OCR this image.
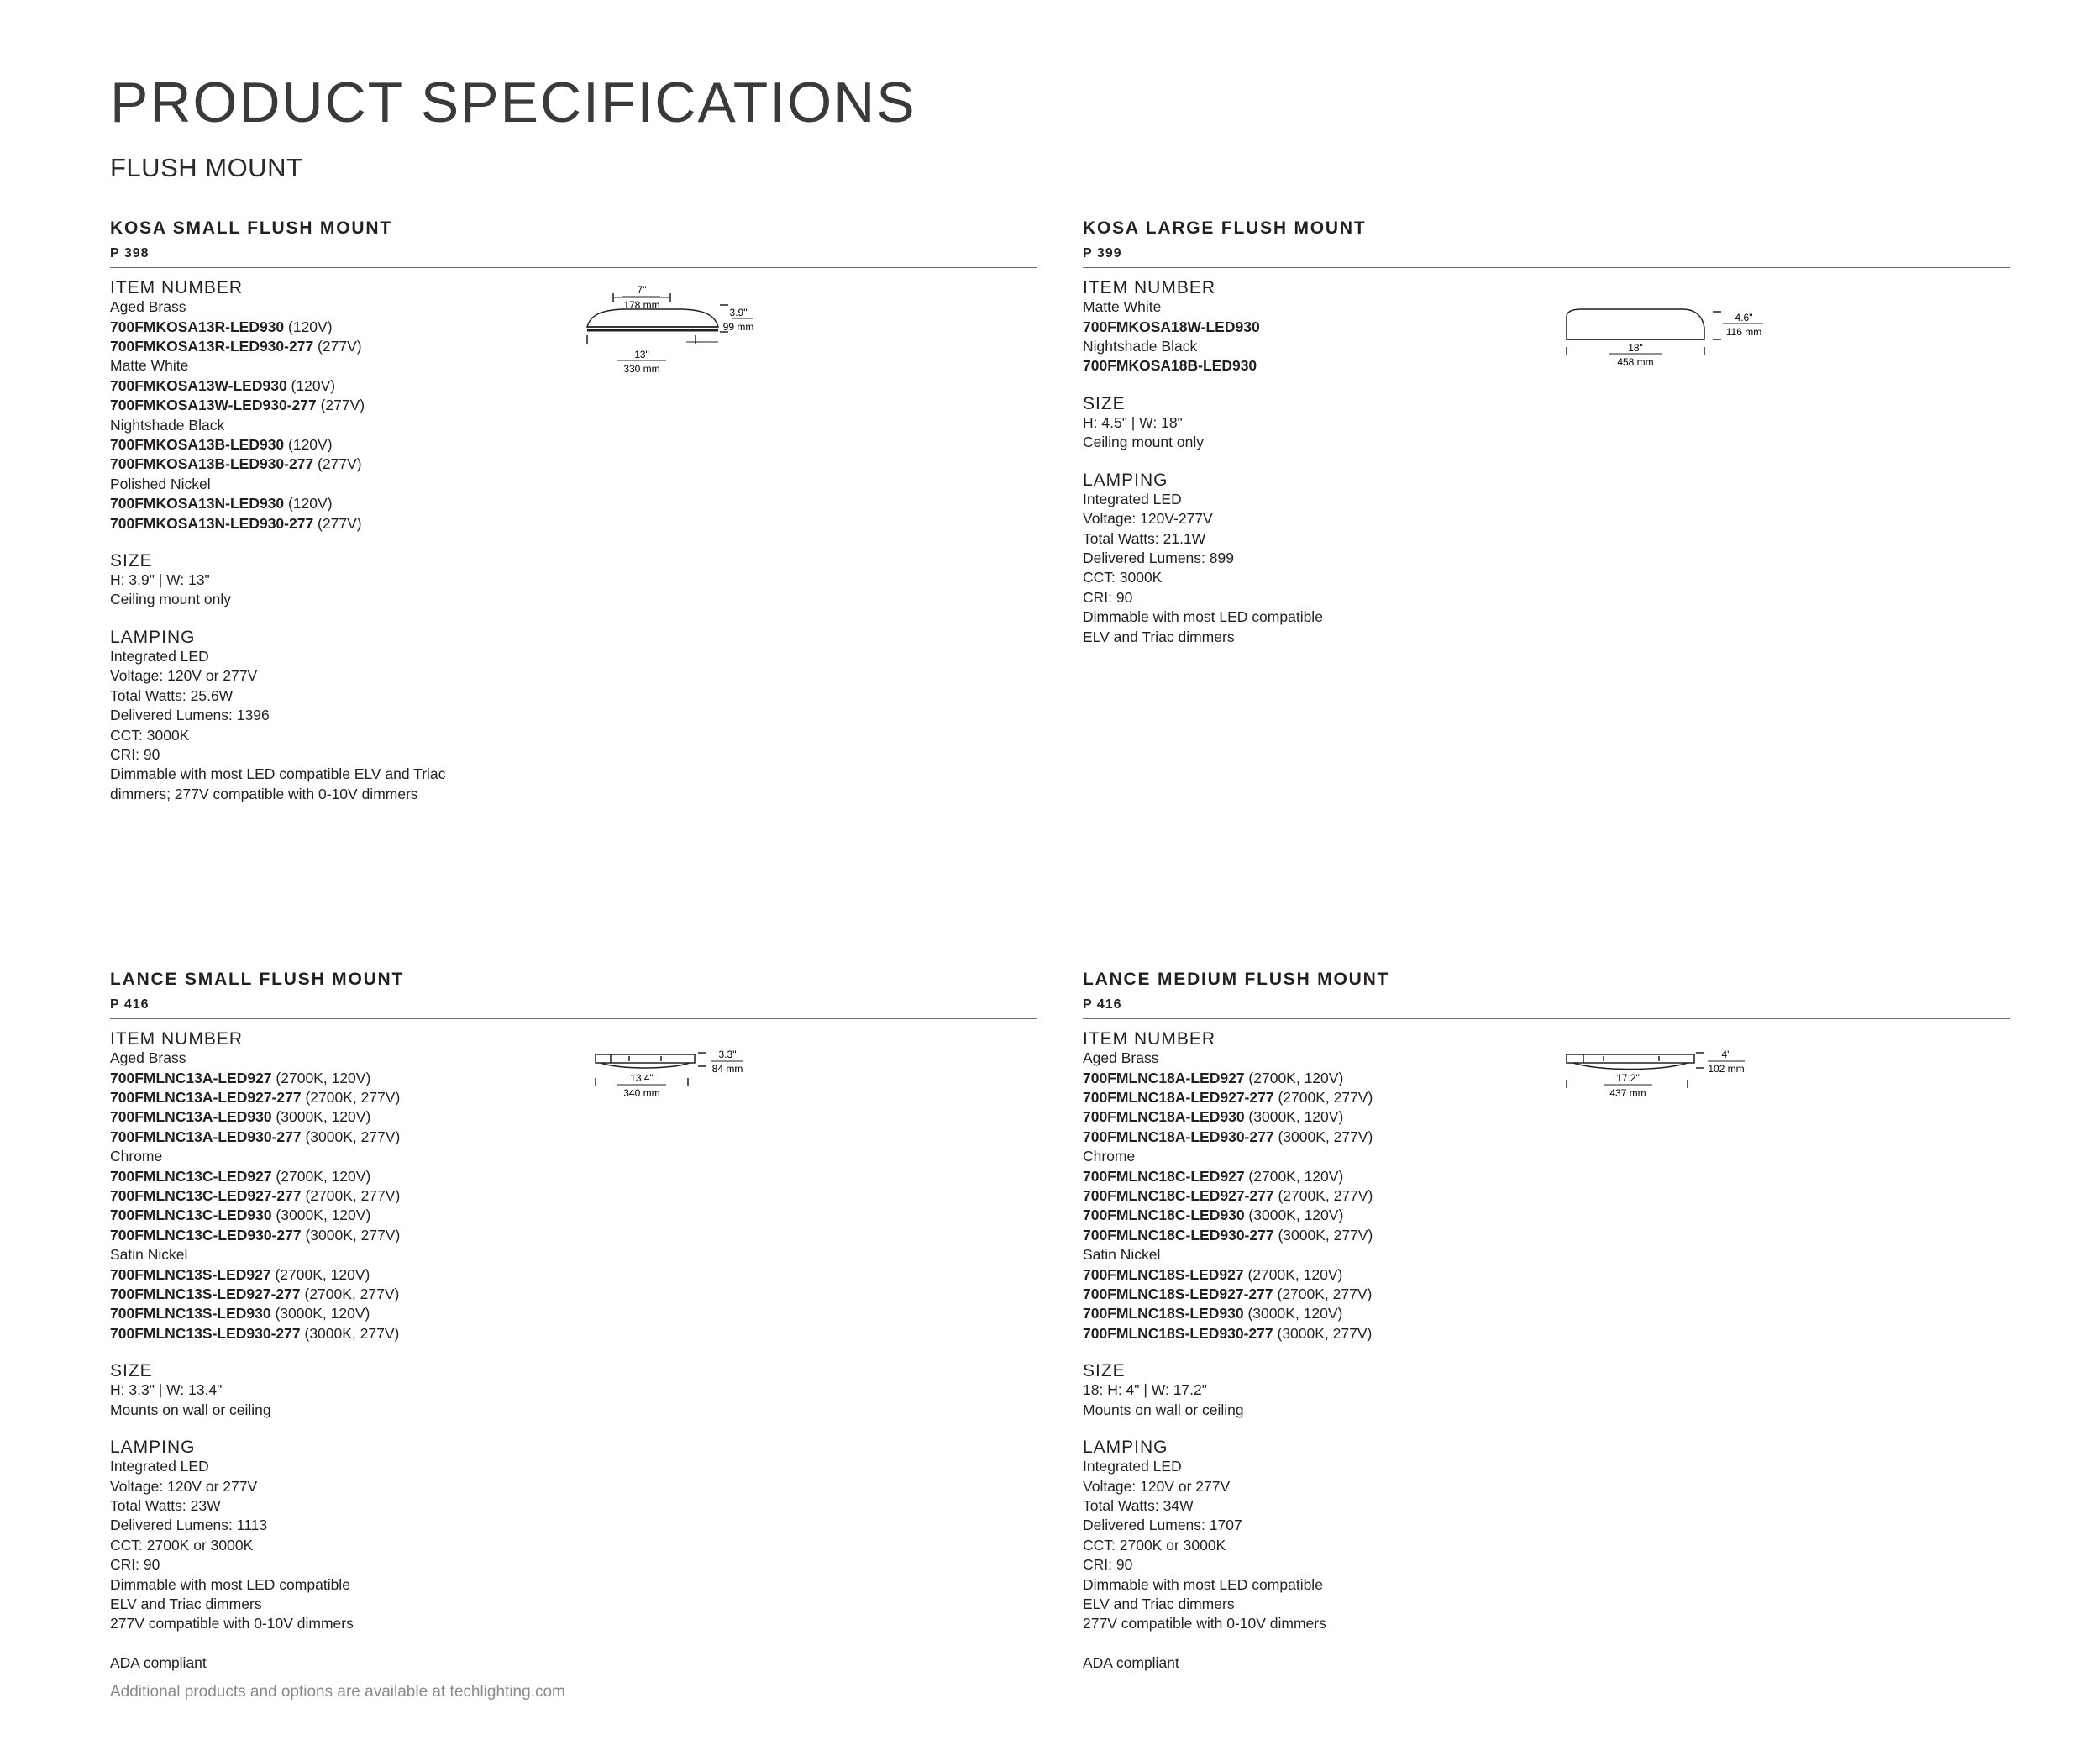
PRODUCT SPECIFICATIONS
FLUSH MOUNT
KOSA SMALL FLUSH MOUNT
P 398
ITEM NUMBER
Aged Brass
700FMKOSA13R-LED930 (120V)
700FMKOSA13R-LED930-277 (277V)
Matte White
700FMKOSA13W-LED930 (120V)
700FMKOSA13W-LED930-277 (277V)
Nightshade Black
700FMKOSA13B-LED930 (120V)
700FMKOSA13B-LED930-277 (277V)
Polished Nickel
700FMKOSA13N-LED930 (120V)
700FMKOSA13N-LED930-277 (277V)
SIZE
H: 3.9" | W: 13"
Ceiling mount only
LAMPING
Integrated LED
Voltage: 120V or 277V
Total Watts: 25.6W
Delivered Lumens: 1396
CCT: 3000K
CRI: 90
Dimmable with most LED compatible ELV and Triac
dimmers; 277V compatible with 0-10V dimmers
7"
178 mm
3.9"
99 mm
13"
330 mm
KOSA LARGE FLUSH MOUNT
P 399
ITEM NUMBER
Matte White
700FMKOSA18W-LED930
Nightshade Black
700FMKOSA18B-LED930
SIZE
H: 4.5" | W: 18"
Ceiling mount only
LAMPING
Integrated LED
Voltage: 120V-277V
Total Watts: 21.1W
Delivered Lumens: 899
CCT: 3000K
CRI: 90
Dimmable with most LED compatible
ELV and Triac dimmers
18"
458 mm
4.6"
116 mm
LANCE SMALL FLUSH MOUNT
P 416
ITEM NUMBER
Aged Brass
700FMLNC13A-LED927 (2700K, 120V)
700FMLNC13A-LED927-277 (2700K, 277V)
700FMLNC13A-LED930 (3000K, 120V)
700FMLNC13A-LED930-277 (3000K, 277V)
Chrome
700FMLNC13C-LED927 (2700K, 120V)
700FMLNC13C-LED927-277 (2700K, 277V)
700FMLNC13C-LED930 (3000K, 120V)
700FMLNC13C-LED930-277 (3000K, 277V)
Satin Nickel
700FMLNC13S-LED927 (2700K, 120V)
700FMLNC13S-LED927-277 (2700K, 277V)
700FMLNC13S-LED930 (3000K, 120V)
700FMLNC13S-LED930-277 (3000K, 277V)
SIZE
H: 3.3" | W: 13.4"
Mounts on wall or ceiling
LAMPING
Integrated LED
Voltage: 120V or 277V
Total Watts: 23W
Delivered Lumens: 1113
CCT: 2700K or 3000K
CRI: 90
Dimmable with most LED compatible
ELV and Triac dimmers
277V compatible with 0-10V dimmers
ADA compliant
13.4"
340 mm
3.3"
84 mm
LANCE MEDIUM FLUSH MOUNT
P 416
ITEM NUMBER
Aged Brass
700FMLNC18A-LED927 (2700K, 120V)
700FMLNC18A-LED927-277 (2700K, 277V)
700FMLNC18A-LED930 (3000K, 120V)
700FMLNC18A-LED930-277 (3000K, 277V)
Chrome
700FMLNC18C-LED927 (2700K, 120V)
700FMLNC18C-LED927-277 (2700K, 277V)
700FMLNC18C-LED930 (3000K, 120V)
700FMLNC18C-LED930-277 (3000K, 277V)
Satin Nickel
700FMLNC18S-LED927 (2700K, 120V)
700FMLNC18S-LED927-277 (2700K, 277V)
700FMLNC18S-LED930 (3000K, 120V)
700FMLNC18S-LED930-277 (3000K, 277V)
SIZE
18: H: 4" | W: 17.2"
Mounts on wall or ceiling
LAMPING
Integrated LED
Voltage: 120V or 277V
Total Watts: 34W
Delivered Lumens: 1707
CCT: 2700K or 3000K
CRI: 90
Dimmable with most LED compatible
ELV and Triac dimmers
277V compatible with 0-10V dimmers
ADA compliant
17.2"
437 mm
4"
102 mm
Additional products and options are available at techlighting.com
